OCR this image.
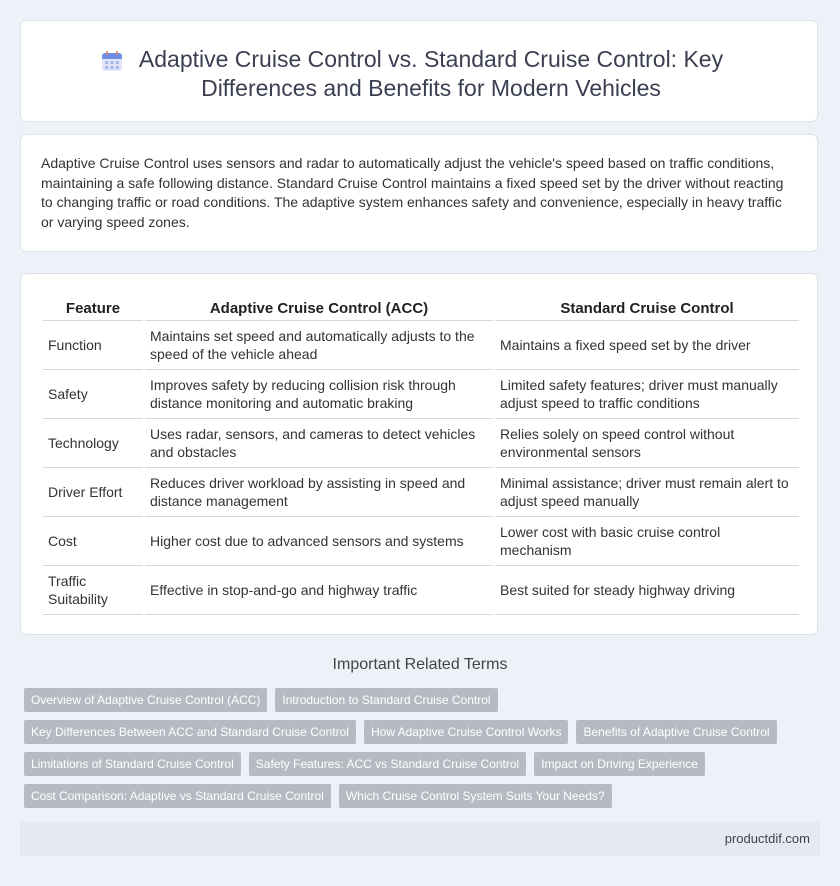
Adaptive Cruise Control vs. Standard Cruise Control: Key Differences and Benefits for Modern Vehicles

Adaptive Cruise Control uses sensors and radar to automatically adjust the vehicle's speed based on traffic conditions, maintaining a safe following distance. Standard Cruise Control maintains a fixed speed set by the driver without reacting to changing traffic or road conditions. The adaptive system enhances safety and convenience, especially in heavy traffic or varying speed zones.

Feature	Adaptive Cruise Control (ACC)	Standard Cruise Control
Function	Maintains set speed and automatically adjusts to the speed of the vehicle ahead	Maintains a fixed speed set by the driver
Safety	Improves safety by reducing collision risk through distance monitoring and automatic braking	Limited safety features; driver must manually adjust speed to traffic conditions
Technology	Uses radar, sensors, and cameras to detect vehicles and obstacles	Relies solely on speed control without environmental sensors
Driver Effort	Reduces driver workload by assisting in speed and distance management	Minimal assistance; driver must remain alert to adjust speed manually
Cost	Higher cost due to advanced sensors and systems	Lower cost with basic cruise control mechanism
Traffic Suitability	Effective in stop-and-go and highway traffic	Best suited for steady highway driving
Important Related Terms
Overview of Adaptive Cruise Control (ACC)	Introduction to Standard Cruise Control
Key Differences Between ACC and Standard Cruise Control	How Adaptive Cruise Control Works	Benefits of Adaptive Cruise Control
Limitations of Standard Cruise Control	Safety Features: ACC vs Standard Cruise Control	Impact on Driving Experience
Cost Comparison: Adaptive vs Standard Cruise Control	Which Cruise Control System Suits Your Needs?
productdif.com
